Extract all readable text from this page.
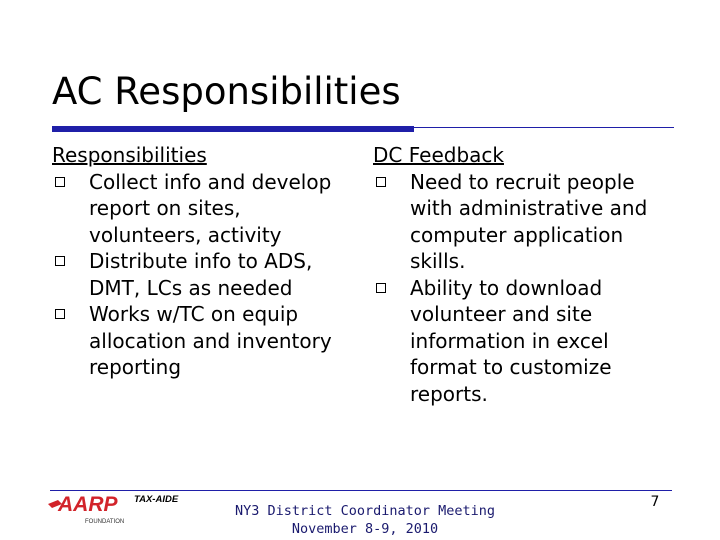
AC Responsibilities
Responsibilities
Collect info and develop report on sites, volunteers, activity
Distribute info to ADS, DMT, LCs as needed
Works w/TC on equip allocation and inventory reporting
DC Feedback
Need to recruit people with administrative and computer application skills.
Ability to download volunteer and site information in excel format to customize reports.
AARP
FOUNDATION
TAX-AIDE
NY3 District Coordinator Meeting
November 8-9, 2010
7
